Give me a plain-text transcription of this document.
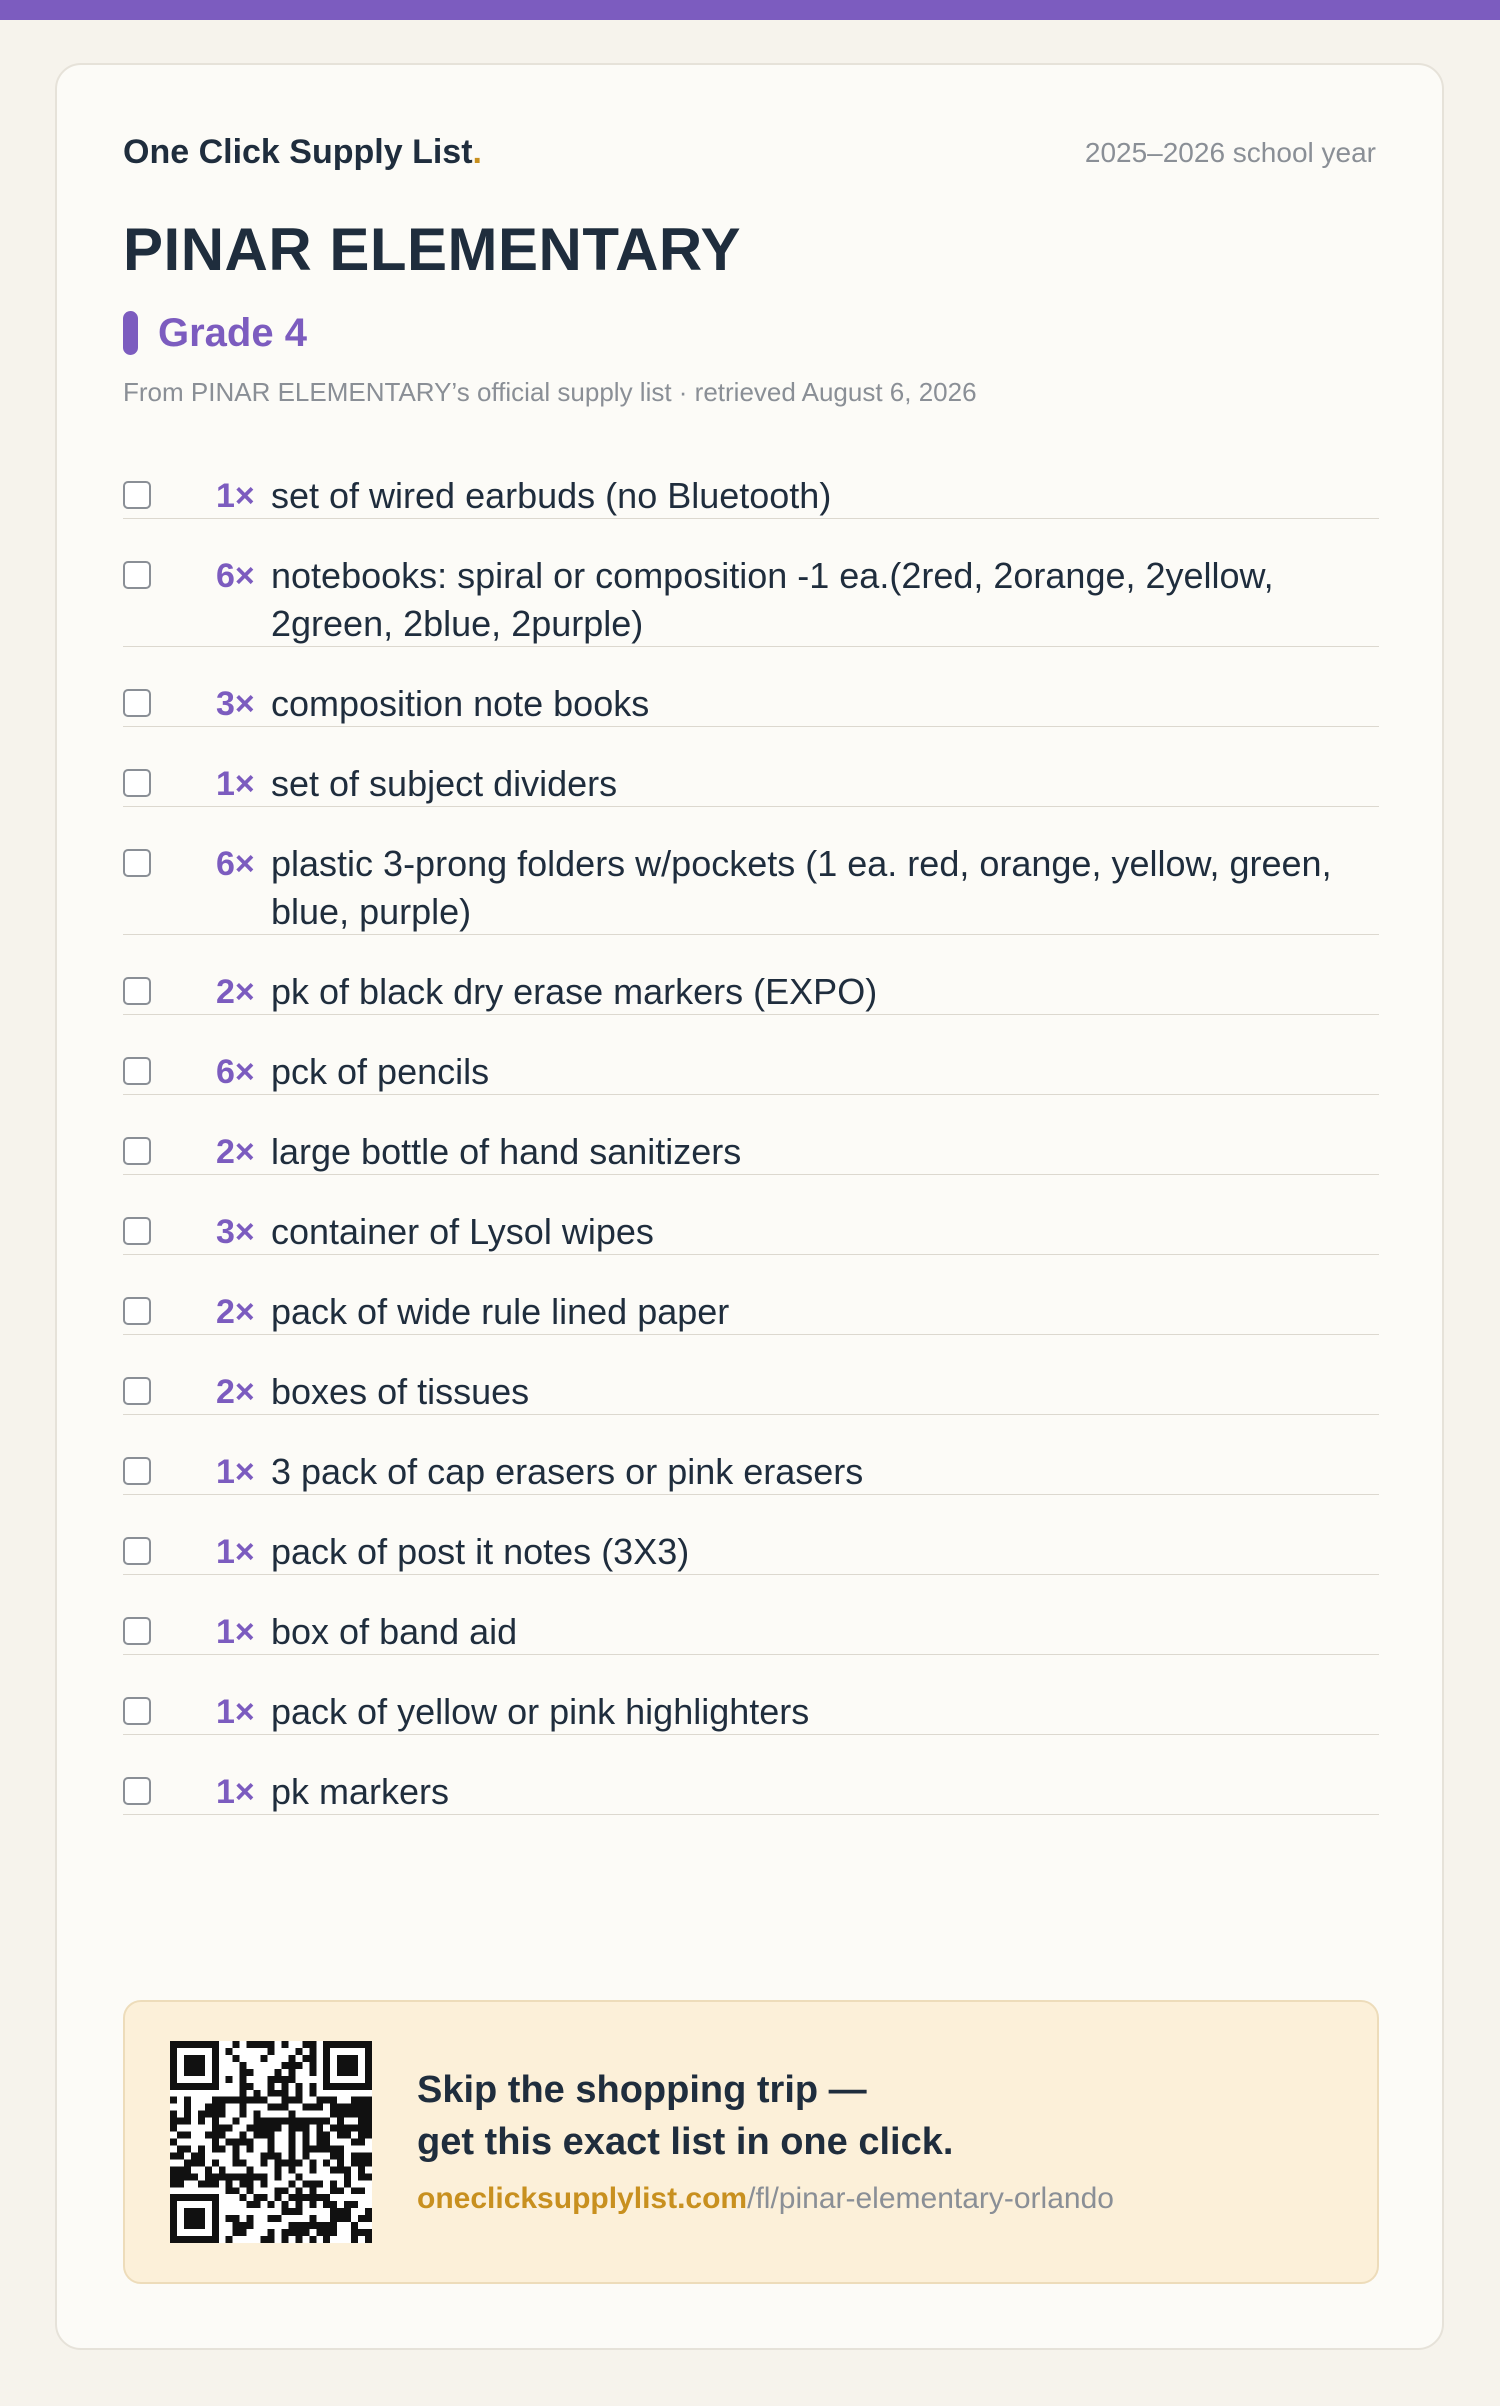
One Click Supply List.	2025–2026 school year
PINAR ELEMENTARY
Grade 4
From PINAR ELEMENTARY’s official supply list · retrieved August 6, 2026
1× set of wired earbuds (no Bluetooth)
6× notebooks: spiral or composition -1 ea.(2red, 2orange, 2yellow, 2green, 2blue, 2purple)
3× composition note books
1× set of subject dividers
6× plastic 3-prong folders w/pockets (1 ea. red, orange, yellow, green, blue, purple)
2× pk of black dry erase markers (EXPO)
6× pck of pencils
2× large bottle of hand sanitizers
3× container of Lysol wipes
2× pack of wide rule lined paper
2× boxes of tissues
1× 3 pack of cap erasers or pink erasers
1× pack of post it notes (3X3)
1× box of band aid
1× pack of yellow or pink highlighters
1× pk markers
Skip the shopping trip —
get this exact list in one click.
oneclicksupplylist.com/fl/pinar-elementary-orlando
